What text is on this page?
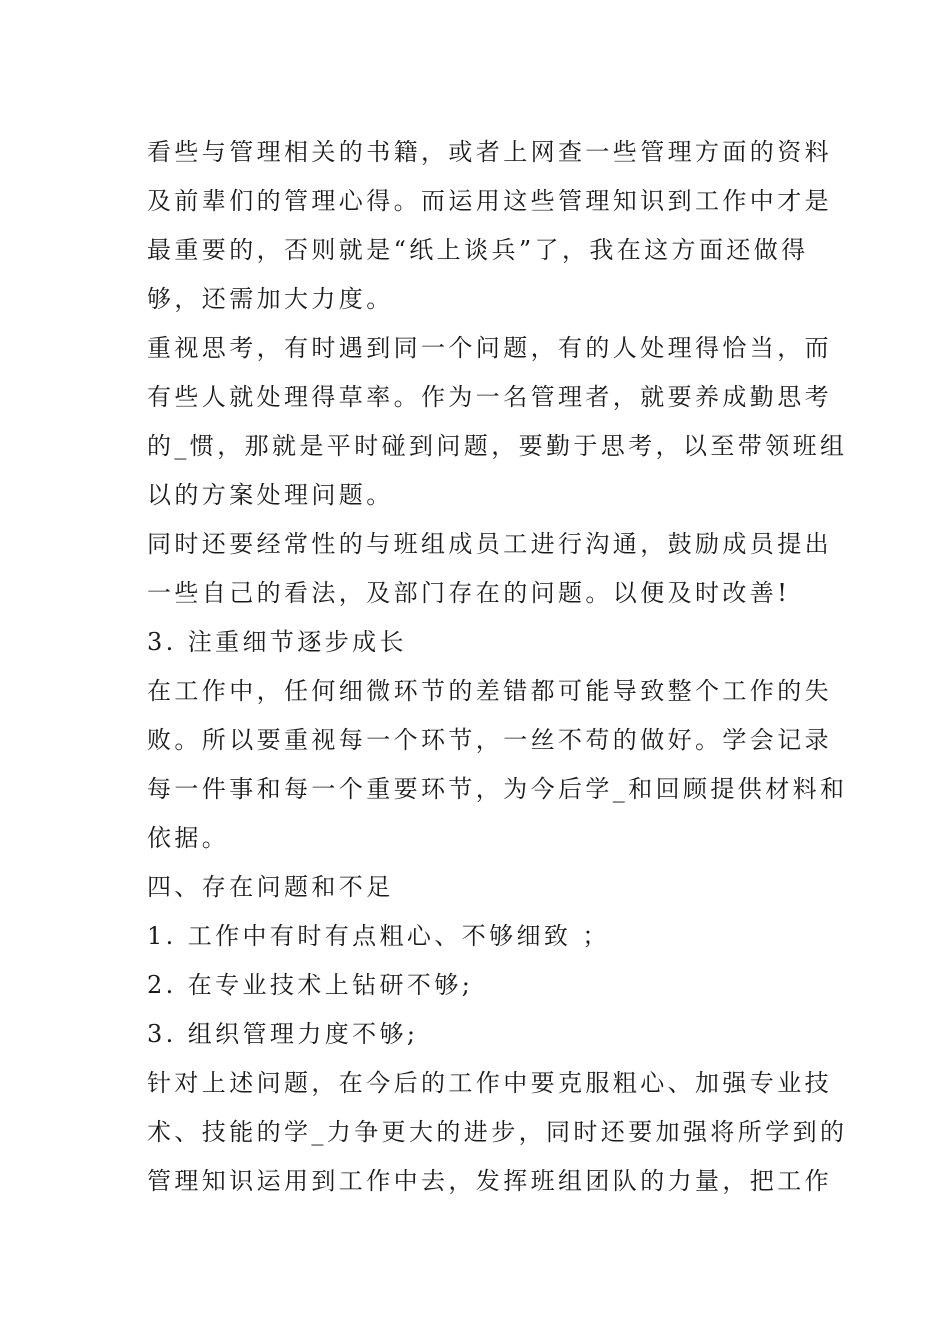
看些与管理相关的书籍，或者上网查一些管理方面的资料
及前辈们的管理心得。而运用这些管理知识到工作中才是
最重要的，否则就是“纸上谈兵”了，我在这方面还做得
够，还需加大力度。
重视思考，有时遇到同一个问题，有的人处理得恰当，而
有些人就处理得草率。作为一名管理者，就要养成勤思考
的_惯，那就是平时碰到问题，要勤于思考，以至带领班组
以的方案处理问题。
同时还要经常性的与班组成员工进行沟通，鼓励成员提出
一些自己的看法，及部门存在的问题。以便及时改善!
3. 注重细节逐步成长
在工作中，任何细微环节的差错都可能导致整个工作的失
败。所以要重视每一个环节，一丝不苟的做好。学会记录
每一件事和每一个重要环节，为今后学_和回顾提供材料和
依据。
四、存在问题和不足
1. 工作中有时有点粗心、不够细致 ；
2. 在专业技术上钻研不够;
3. 组织管理力度不够;
针对上述问题，在今后的工作中要克服粗心、加强专业技
术、技能的学_力争更大的进步，同时还要加强将所学到的
管理知识运用到工作中去，发挥班组团队的力量，把工作
